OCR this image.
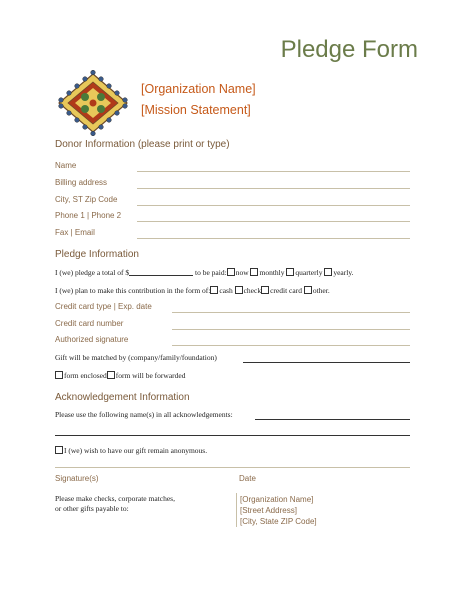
Pledge Form
[Organization Name]
[Mission Statement]
Donor Information (please print or type)
Name
Billing address
City, ST Zip Code
Phone 1 | Phone 2
Fax | Email
Pledge Information
I (we) pledge a total of $	to be paid: now monthly quarterly yearly.
I (we) plan to make this contribution in the form of: cash check credit card other.
Credit card type | Exp. date
Credit card number
Authorized signature
Gift will be matched by (company/family/foundation)
form enclosed form will be forwarded
Acknowledgement Information
Please use the following name(s) in all acknowledgements:
I (we) wish to have our gift remain anonymous.
Signature(s)	Date
Please make checks, corporate matches,
or other gifts payable to:
[Organization Name]
[Street Address]
[City, State ZIP Code]
